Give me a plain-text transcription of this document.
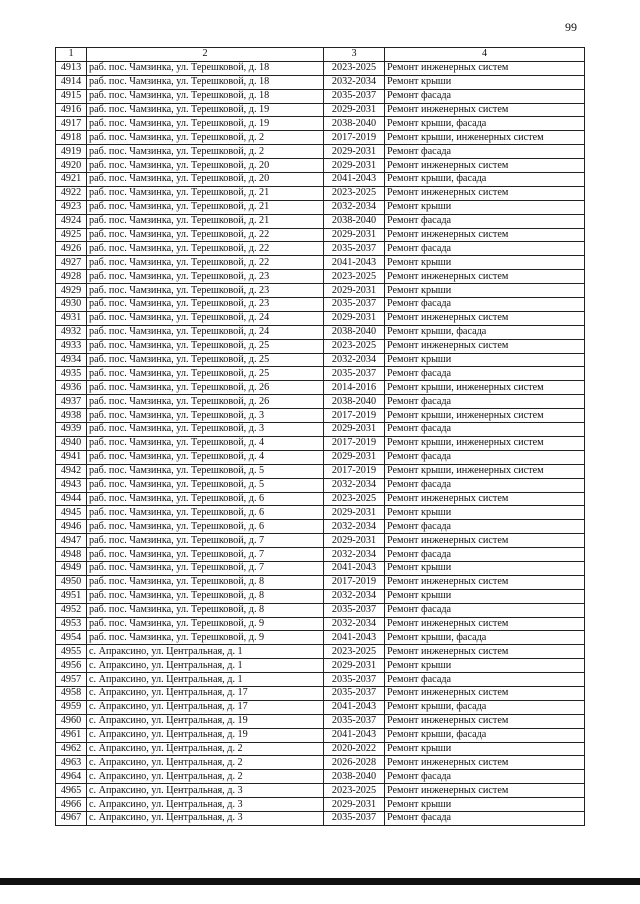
99
1	2	3	4
4913	раб. пос. Чамзинка, ул. Терешковой, д. 18	2023-2025	Ремонт инженерных систем
4914	раб. пос. Чамзинка, ул. Терешковой, д. 18	2032-2034	Ремонт крыши
4915	раб. пос. Чамзинка, ул. Терешковой, д. 18	2035-2037	Ремонт фасада
4916	раб. пос. Чамзинка, ул. Терешковой, д. 19	2029-2031	Ремонт инженерных систем
4917	раб. пос. Чамзинка, ул. Терешковой, д. 19	2038-2040	Ремонт крыши, фасада
4918	раб. пос. Чамзинка, ул. Терешковой, д. 2	2017-2019	Ремонт крыши, инженерных систем
4919	раб. пос. Чамзинка, ул. Терешковой, д. 2	2029-2031	Ремонт фасада
4920	раб. пос. Чамзинка, ул. Терешковой, д. 20	2029-2031	Ремонт инженерных систем
4921	раб. пос. Чамзинка, ул. Терешковой, д. 20	2041-2043	Ремонт крыши, фасада
4922	раб. пос. Чамзинка, ул. Терешковой, д. 21	2023-2025	Ремонт инженерных систем
4923	раб. пос. Чамзинка, ул. Терешковой, д. 21	2032-2034	Ремонт крыши
4924	раб. пос. Чамзинка, ул. Терешковой, д. 21	2038-2040	Ремонт фасада
4925	раб. пос. Чамзинка, ул. Терешковой, д. 22	2029-2031	Ремонт инженерных систем
4926	раб. пос. Чамзинка, ул. Терешковой, д. 22	2035-2037	Ремонт фасада
4927	раб. пос. Чамзинка, ул. Терешковой, д. 22	2041-2043	Ремонт крыши
4928	раб. пос. Чамзинка, ул. Терешковой, д. 23	2023-2025	Ремонт инженерных систем
4929	раб. пос. Чамзинка, ул. Терешковой, д. 23	2029-2031	Ремонт крыши
4930	раб. пос. Чамзинка, ул. Терешковой, д. 23	2035-2037	Ремонт фасада
4931	раб. пос. Чамзинка, ул. Терешковой, д. 24	2029-2031	Ремонт инженерных систем
4932	раб. пос. Чамзинка, ул. Терешковой, д. 24	2038-2040	Ремонт крыши, фасада
4933	раб. пос. Чамзинка, ул. Терешковой, д. 25	2023-2025	Ремонт инженерных систем
4934	раб. пос. Чамзинка, ул. Терешковой, д. 25	2032-2034	Ремонт крыши
4935	раб. пос. Чамзинка, ул. Терешковой, д. 25	2035-2037	Ремонт фасада
4936	раб. пос. Чамзинка, ул. Терешковой, д. 26	2014-2016	Ремонт крыши, инженерных систем
4937	раб. пос. Чамзинка, ул. Терешковой, д. 26	2038-2040	Ремонт фасада
4938	раб. пос. Чамзинка, ул. Терешковой, д. 3	2017-2019	Ремонт крыши, инженерных систем
4939	раб. пос. Чамзинка, ул. Терешковой, д. 3	2029-2031	Ремонт фасада
4940	раб. пос. Чамзинка, ул. Терешковой, д. 4	2017-2019	Ремонт крыши, инженерных систем
4941	раб. пос. Чамзинка, ул. Терешковой, д. 4	2029-2031	Ремонт фасада
4942	раб. пос. Чамзинка, ул. Терешковой, д. 5	2017-2019	Ремонт крыши, инженерных систем
4943	раб. пос. Чамзинка, ул. Терешковой, д. 5	2032-2034	Ремонт фасада
4944	раб. пос. Чамзинка, ул. Терешковой, д. 6	2023-2025	Ремонт инженерных систем
4945	раб. пос. Чамзинка, ул. Терешковой, д. 6	2029-2031	Ремонт крыши
4946	раб. пос. Чамзинка, ул. Терешковой, д. 6	2032-2034	Ремонт фасада
4947	раб. пос. Чамзинка, ул. Терешковой, д. 7	2029-2031	Ремонт инженерных систем
4948	раб. пос. Чамзинка, ул. Терешковой, д. 7	2032-2034	Ремонт фасада
4949	раб. пос. Чамзинка, ул. Терешковой, д. 7	2041-2043	Ремонт крыши
4950	раб. пос. Чамзинка, ул. Терешковой, д. 8	2017-2019	Ремонт инженерных систем
4951	раб. пос. Чамзинка, ул. Терешковой, д. 8	2032-2034	Ремонт крыши
4952	раб. пос. Чамзинка, ул. Терешковой, д. 8	2035-2037	Ремонт фасада
4953	раб. пос. Чамзинка, ул. Терешковой, д. 9	2032-2034	Ремонт инженерных систем
4954	раб. пос. Чамзинка, ул. Терешковой, д. 9	2041-2043	Ремонт крыши, фасада
4955	с. Апраксино, ул. Центральная, д. 1	2023-2025	Ремонт инженерных систем
4956	с. Апраксино, ул. Центральная, д. 1	2029-2031	Ремонт крыши
4957	с. Апраксино, ул. Центральная, д. 1	2035-2037	Ремонт фасада
4958	с. Апраксино, ул. Центральная, д. 17	2035-2037	Ремонт инженерных систем
4959	с. Апраксино, ул. Центральная, д. 17	2041-2043	Ремонт крыши, фасада
4960	с. Апраксино, ул. Центральная, д. 19	2035-2037	Ремонт инженерных систем
4961	с. Апраксино, ул. Центральная, д. 19	2041-2043	Ремонт крыши, фасада
4962	с. Апраксино, ул. Центральная, д. 2	2020-2022	Ремонт крыши
4963	с. Апраксино, ул. Центральная, д. 2	2026-2028	Ремонт инженерных систем
4964	с. Апраксино, ул. Центральная, д. 2	2038-2040	Ремонт фасада
4965	с. Апраксино, ул. Центральная, д. 3	2023-2025	Ремонт инженерных систем
4966	с. Апраксино, ул. Центральная, д. 3	2029-2031	Ремонт крыши
4967	с. Апраксино, ул. Центральная, д. 3	2035-2037	Ремонт фасада
